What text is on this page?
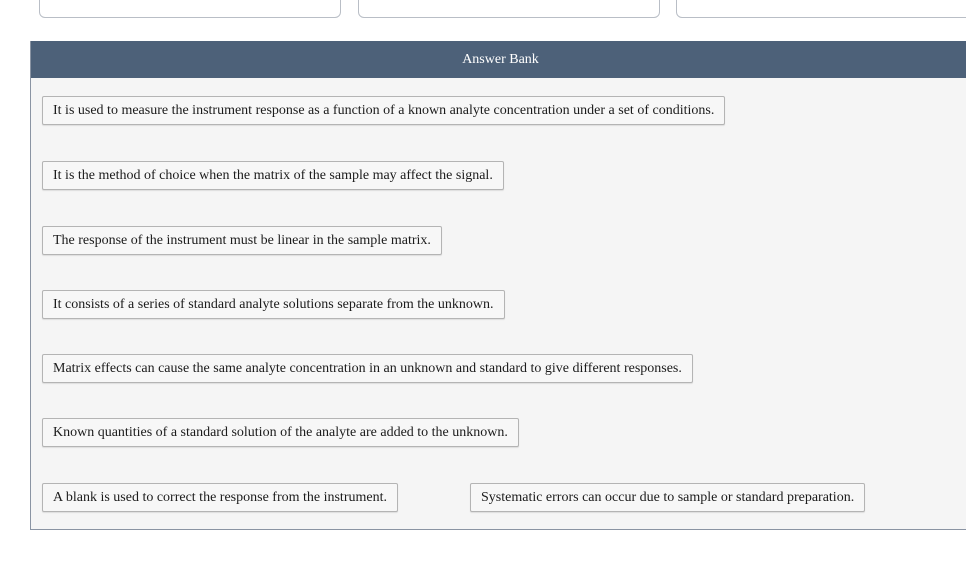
Answer Bank
It is used to measure the instrument response as a function of a known analyte concentration under a set of conditions.
It is the method of choice when the matrix of the sample may affect the signal.
The response of the instrument must be linear in the sample matrix.
It consists of a series of standard analyte solutions separate from the unknown.
Matrix effects can cause the same analyte concentration in an unknown and standard to give different responses.
Known quantities of a standard solution of the analyte are added to the unknown.
A blank is used to correct the response from the instrument.	Systematic errors can occur due to sample or standard preparation.
